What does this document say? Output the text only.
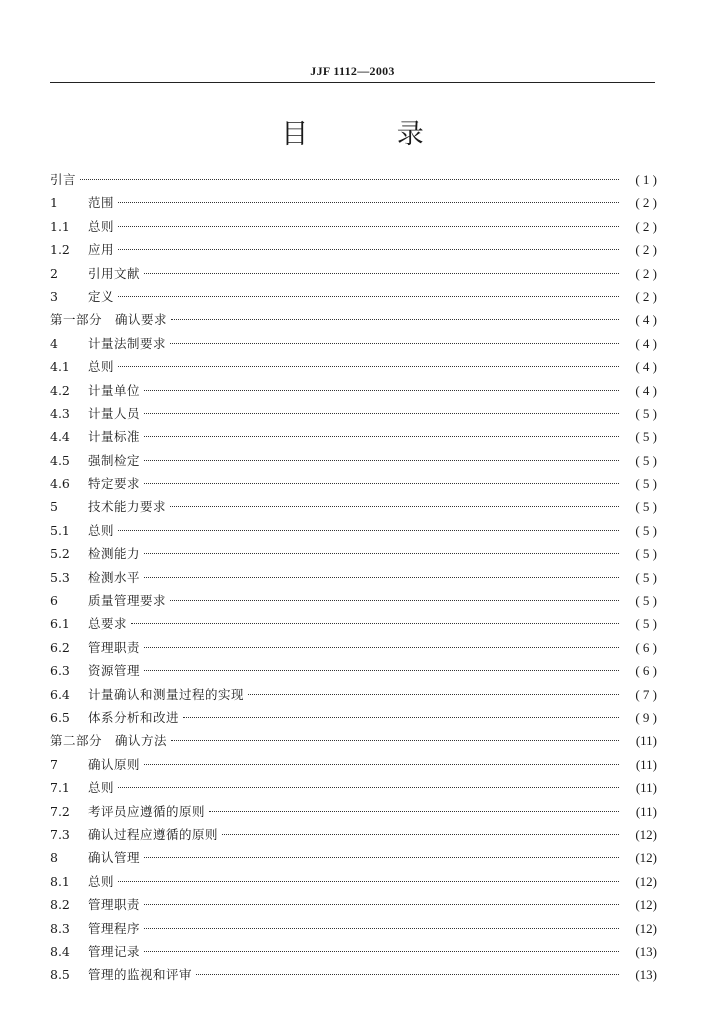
JJF 1112—2003
目 录
引言	( 1 )
1	范围	( 2 )
1.1	总则	( 2 )
1.2	应用	( 2 )
2	引用文献	( 2 )
3	定义	( 2 )
第一部分　确认要求	( 4 )
4	计量法制要求	( 4 )
4.1	总则	( 4 )
4.2	计量单位	( 4 )
4.3	计量人员	( 5 )
4.4	计量标准	( 5 )
4.5	强制检定	( 5 )
4.6	特定要求	( 5 )
5	技术能力要求	( 5 )
5.1	总则	( 5 )
5.2	检测能力	( 5 )
5.3	检测水平	( 5 )
6	质量管理要求	( 5 )
6.1	总要求	( 5 )
6.2	管理职责	( 6 )
6.3	资源管理	( 6 )
6.4	计量确认和测量过程的实现	( 7 )
6.5	体系分析和改进	( 9 )
第二部分　确认方法	(11)
7	确认原则	(11)
7.1	总则	(11)
7.2	考评员应遵循的原则	(11)
7.3	确认过程应遵循的原则	(12)
8	确认管理	(12)
8.1	总则	(12)
8.2	管理职责	(12)
8.3	管理程序	(12)
8.4	管理记录	(13)
8.5	管理的监视和评审	(13)
